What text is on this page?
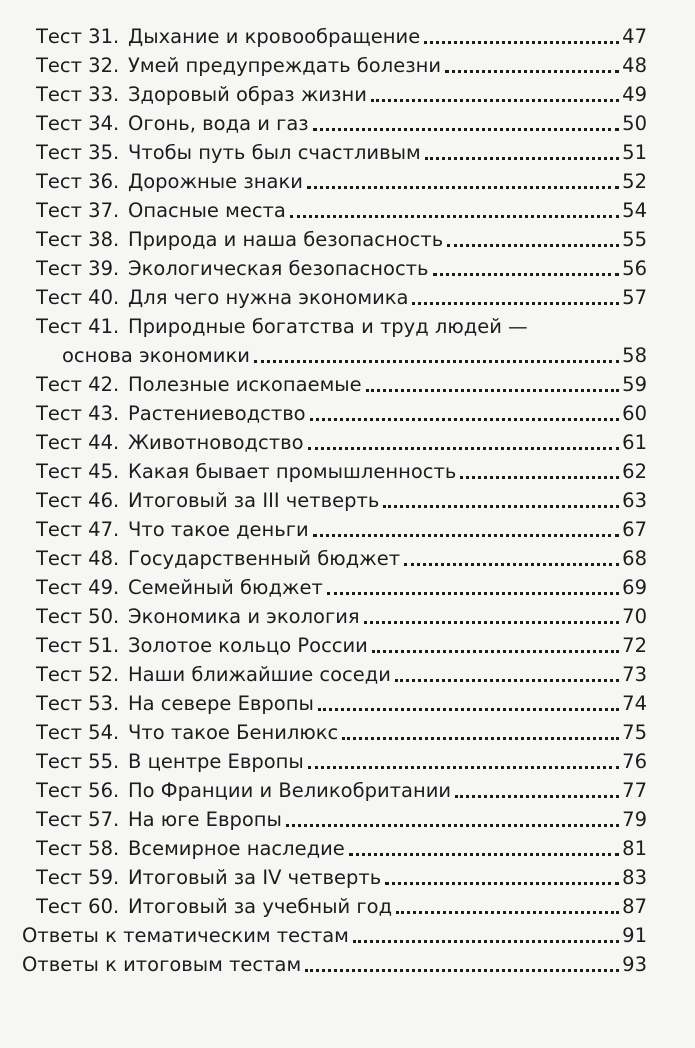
Тест 31. Дыхание и кровообращение	47
Тест 32. Умей предупреждать болезни	48
Тест 33. Здоровый образ жизни	49
Тест 34. Огонь, вода и газ	50
Тест 35. Чтобы путь был счастливым	51
Тест 36. Дорожные знаки	52
Тест 37. Опасные места	54
Тест 38. Природа и наша безопасность	55
Тест 39. Экологическая безопасность	56
Тест 40. Для чего нужна экономика	57
Тест 41. Природные богатства и труд людей —
основа экономики	58
Тест 42. Полезные ископаемые	59
Тест 43. Растениеводство	60
Тест 44. Животноводство	61
Тест 45. Какая бывает промышленность	62
Тест 46. Итоговый за III четверть	63
Тест 47. Что такое деньги	67
Тест 48. Государственный бюджет	68
Тест 49. Семейный бюджет	69
Тест 50. Экономика и экология	70
Тест 51. Золотое кольцо России	72
Тест 52. Наши ближайшие соседи	73
Тест 53. На севере Европы	74
Тест 54. Что такое Бенилюкс	75
Тест 55. В центре Европы	76
Тест 56. По Франции и Великобритании	77
Тест 57. На юге Европы	79
Тест 58. Всемирное наследие	81
Тест 59. Итоговый за IV четверть	83
Тест 60. Итоговый за учебный год	87
Ответы к тематическим тестам	91
Ответы к итоговым тестам	93
